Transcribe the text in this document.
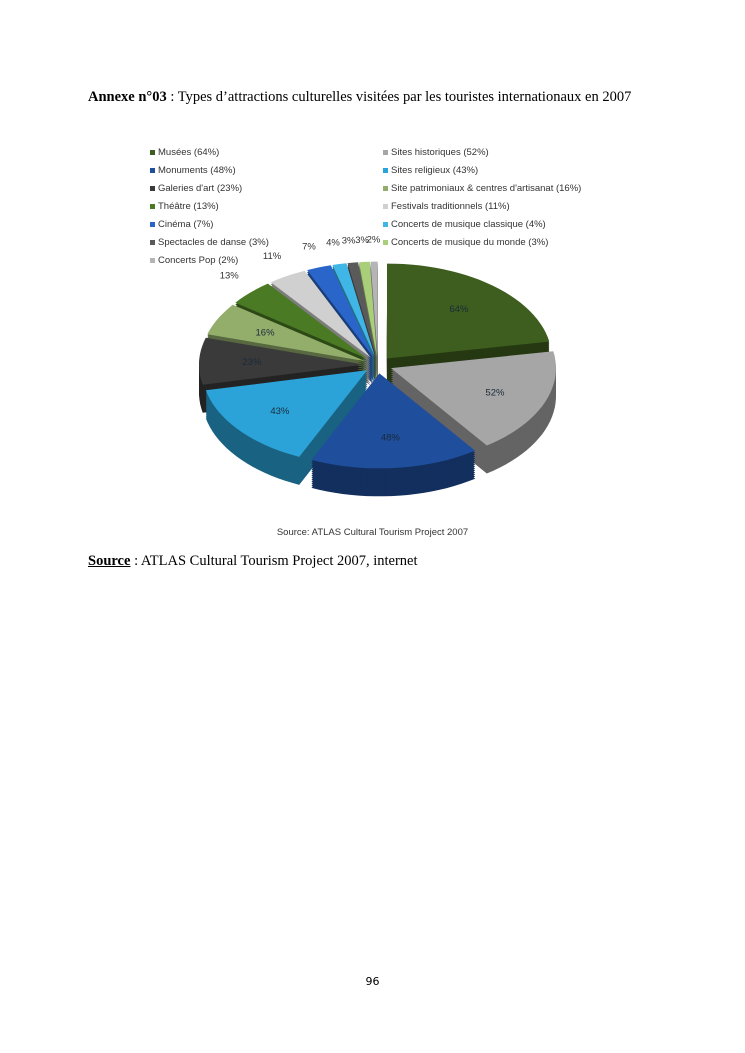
Annexe n°03 : Types d’attractions culturelles visitées par les touristes internationaux en 2007
Musées (64%)	Sites historiques (52%)
Monuments (48%)	Sites religieux (43%)
Galeries d'art (23%)	Site patrimoniaux & centres d'artisanat (16%)
Théâtre (13%)	Festivals traditionnels (11%)
Cinéma (7%)	Concerts de musique classique (4%)
Spectacles de danse (3%)	Concerts de musique du monde (3%)
Concerts Pop (2%)
64%
52%
48%
43%
23%
16%
13%
11%
7% 4% 3% 3%
2%
Source: ATLAS Cultural Tourism Project 2007
Source : ATLAS Cultural Tourism Project 2007, internet
96
